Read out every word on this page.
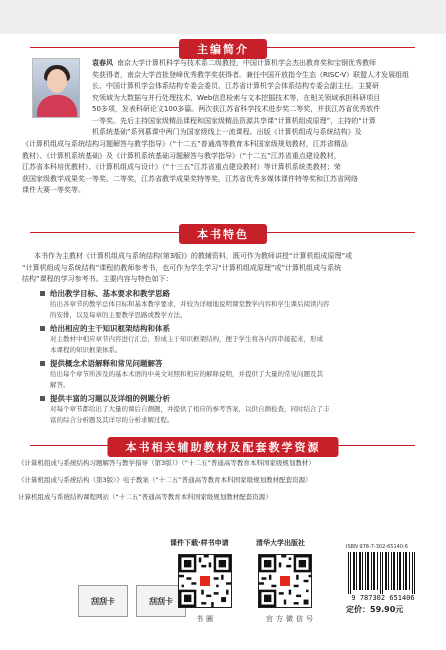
主编简介
袁春风 南京大学计算机科学与技术系二级教授，中国计算机学会杰出教育奖和宝钢优秀教师
奖获得者，南京大学首批登峰优秀教学奖获得者。兼任中国开放指令生态（RISC-V）联盟人才发展组组
长、中国计算机学会体系结构专委会委员、江苏省计算机学会体系结构专委会副主任。主要研
究领域为大数据与并行处理技术、Web信息检索与文本挖掘技术等，在相关领域承担科研项目
50多项，发表科研论文100多篇。两次获江苏省科学技术进步奖二等奖，并获江苏省优秀软件
一等奖。先后主持国家级精品课程和国家级精品资源共享课“计算机组成原理”，主持的“计算
机系统基础”系列慕课中两门为国家级线上一流课程。出版《计算机组成与系统结构》及
《计算机组成与系统结构习题解答与教学指导》（“十二五”普通高等教育本科国家级规划教材，江苏省精品
教材）、《计算机系统基础》及《计算机系统基础习题解答与教学指导》（“十二五”江苏省重点建设教材，
江苏省本科培优教材）、《计算机组成与设计》（“十三五”江苏省重点建设教材）等计算机系统类教材；荣
获国家级教学成果奖一等奖、二等奖，江苏省教学成果奖特等奖，江苏省优秀多媒体课件特等奖和江苏省网络
课件大赛一等奖等。
本书特色
本书作为主教材《计算机组成与系统结构(第3版)》的教辅资料，既可作为教师讲授“计算机组成原理”或
“计算机组成与系统结构”课程的教师参考书，也可作为学生学习“计算机组成原理”或“计算机组成与系统
结构”课程的学习参考书。主要内容与特色如下：
给出教学目标、基本要求和教学思路
给出各章节的教学总体目标和基本教学要求，并较为详细地说明课堂教学内容和学生课后阅读内容
的安排，以及每章的主要教学思路或教学方法。
给出相应的主干知识框架结构和体系
对主教材中相应章节内容进行汇总，形成主干知识框架结构，便于学生将各内容串接起来，形成
本课程的知识框架体系。
提供概念术语解释和常见问题解答
给出每个章节所涉及的基本术语的中英文对照和相应的解释说明，并提供了大量的常见问题及其
解答。
提供丰富的习题以及详细的例题分析
对每个章节都给出了大量的课后自测题，并提供了相应的参考答案，以供自测检查，同时结合了丰
富的综合分析题及其详尽的分析求解过程。
本书相关辅助教材及配套教学资源
《计算机组成与系统结构习题解答与教学指导（第3版）》（“十二五”普通高等教育本科国家级规划教材）
《计算机组成与系统结构（第3版）》电子教案（“十二五”普通高等教育本科国家级规划教材配套资源）
计算机组成与系统结构课程网站（“十二五”普通高等教育本科国家级规划教材配套资源）
课件下载·样书申请	清华大学出版社
刮刮卡	刮刮卡
书圈	官方微信号
ISBN 978-7-302-65140-6
9 787302 651406
定价：59.90元
